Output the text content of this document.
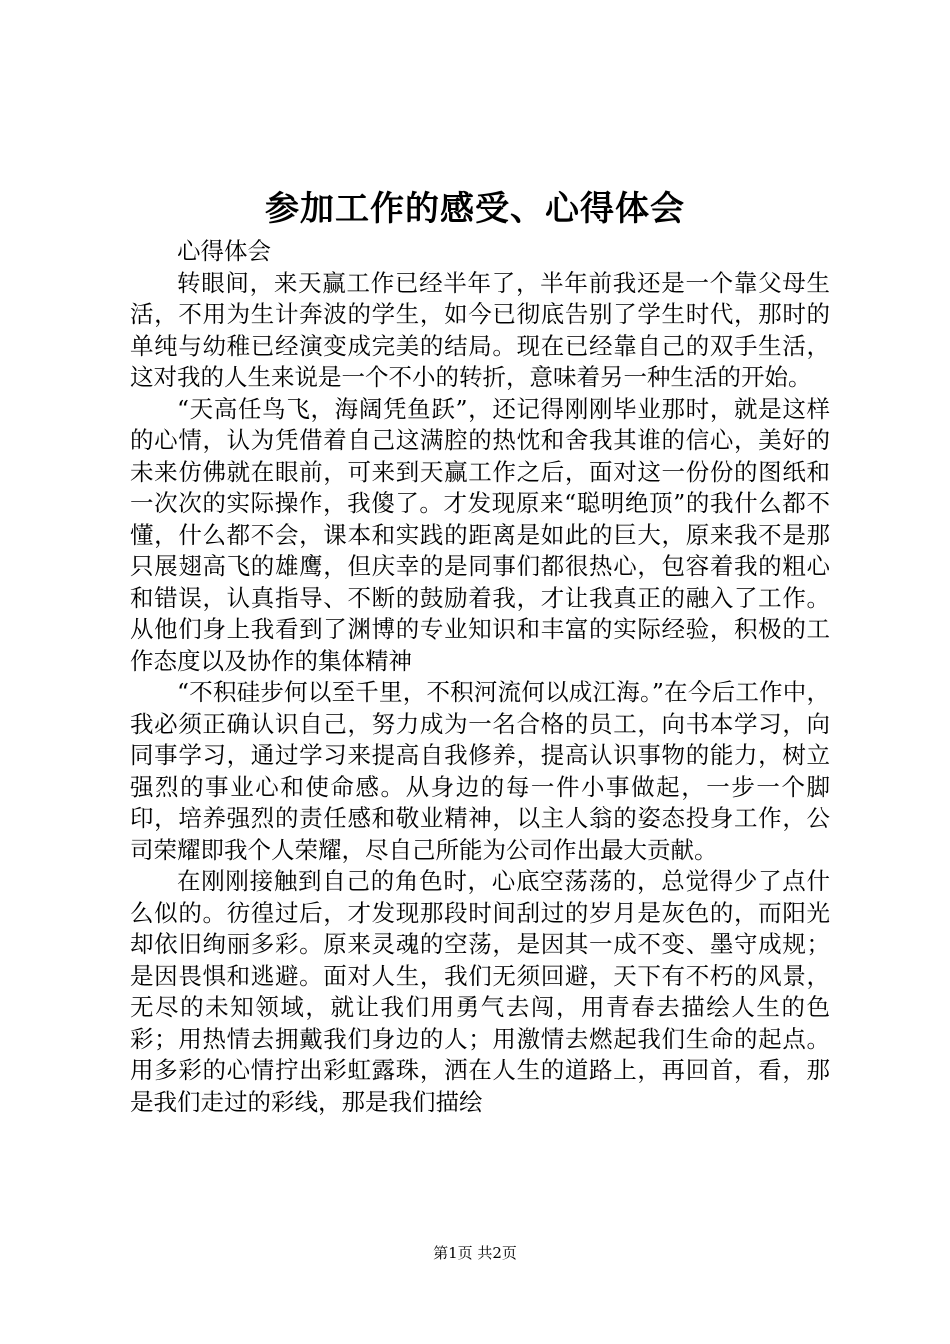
参加工作的感受、心得体会

心得体会

转眼间，来天赢工作已经半年了，半年前我还是一个靠父母生活，不用为生计奔波的学生，如今已彻底告别了学生时代，那时的单纯与幼稚已经演变成完美的结局。现在已经靠自己的双手生活，这对我的人生来说是一个不小的转折，意味着另一种生活的开始。

“天高任鸟飞，海阔凭鱼跃”，还记得刚刚毕业那时，就是这样的心情，认为凭借着自己这满腔的热忱和舍我其谁的信心，美好的未来仿佛就在眼前，可来到天赢工作之后，面对这一份份的图纸和一次次的实际操作，我傻了。才发现原来“聪明绝顶”的我什么都不懂，什么都不会，课本和实践的距离是如此的巨大，原来我不是那只展翅高飞的雄鹰，但庆幸的是同事们都很热心，包容着我的粗心和错误，认真指导、不断的鼓励着我，才让我真正的融入了工作。从他们身上我看到了渊博的专业知识和丰富的实际经验，积极的工作态度以及协作的集体精神

“不积硅步何以至千里，不积河流何以成江海。”在今后工作中，我必须正确认识自己，努力成为一名合格的员工，向书本学习，向同事学习，通过学习来提高自我修养，提高认识事物的能力，树立强烈的事业心和使命感。从身边的每一件小事做起，一步一个脚印，培养强烈的责任感和敬业精神，以主人翁的姿态投身工作，公司荣耀即我个人荣耀，尽自己所能为公司作出最大贡献。

在刚刚接触到自己的角色时，心底空荡荡的，总觉得少了点什么似的。彷徨过后，才发现那段时间刮过的岁月是灰色的，而阳光却依旧绚丽多彩。原来灵魂的空荡，是因其一成不变、墨守成规；是因畏惧和逃避。面对人生，我们无须回避，天下有不朽的风景，无尽的未知领域，就让我们用勇气去闯，用青春去描绘人生的色彩；用热情去拥戴我们身边的人；用激情去燃起我们生命的起点。用多彩的心情拧出彩虹露珠，洒在人生的道路上，再回首，看，那是我们走过的彩线，那是我们描绘

第1页 共2页
